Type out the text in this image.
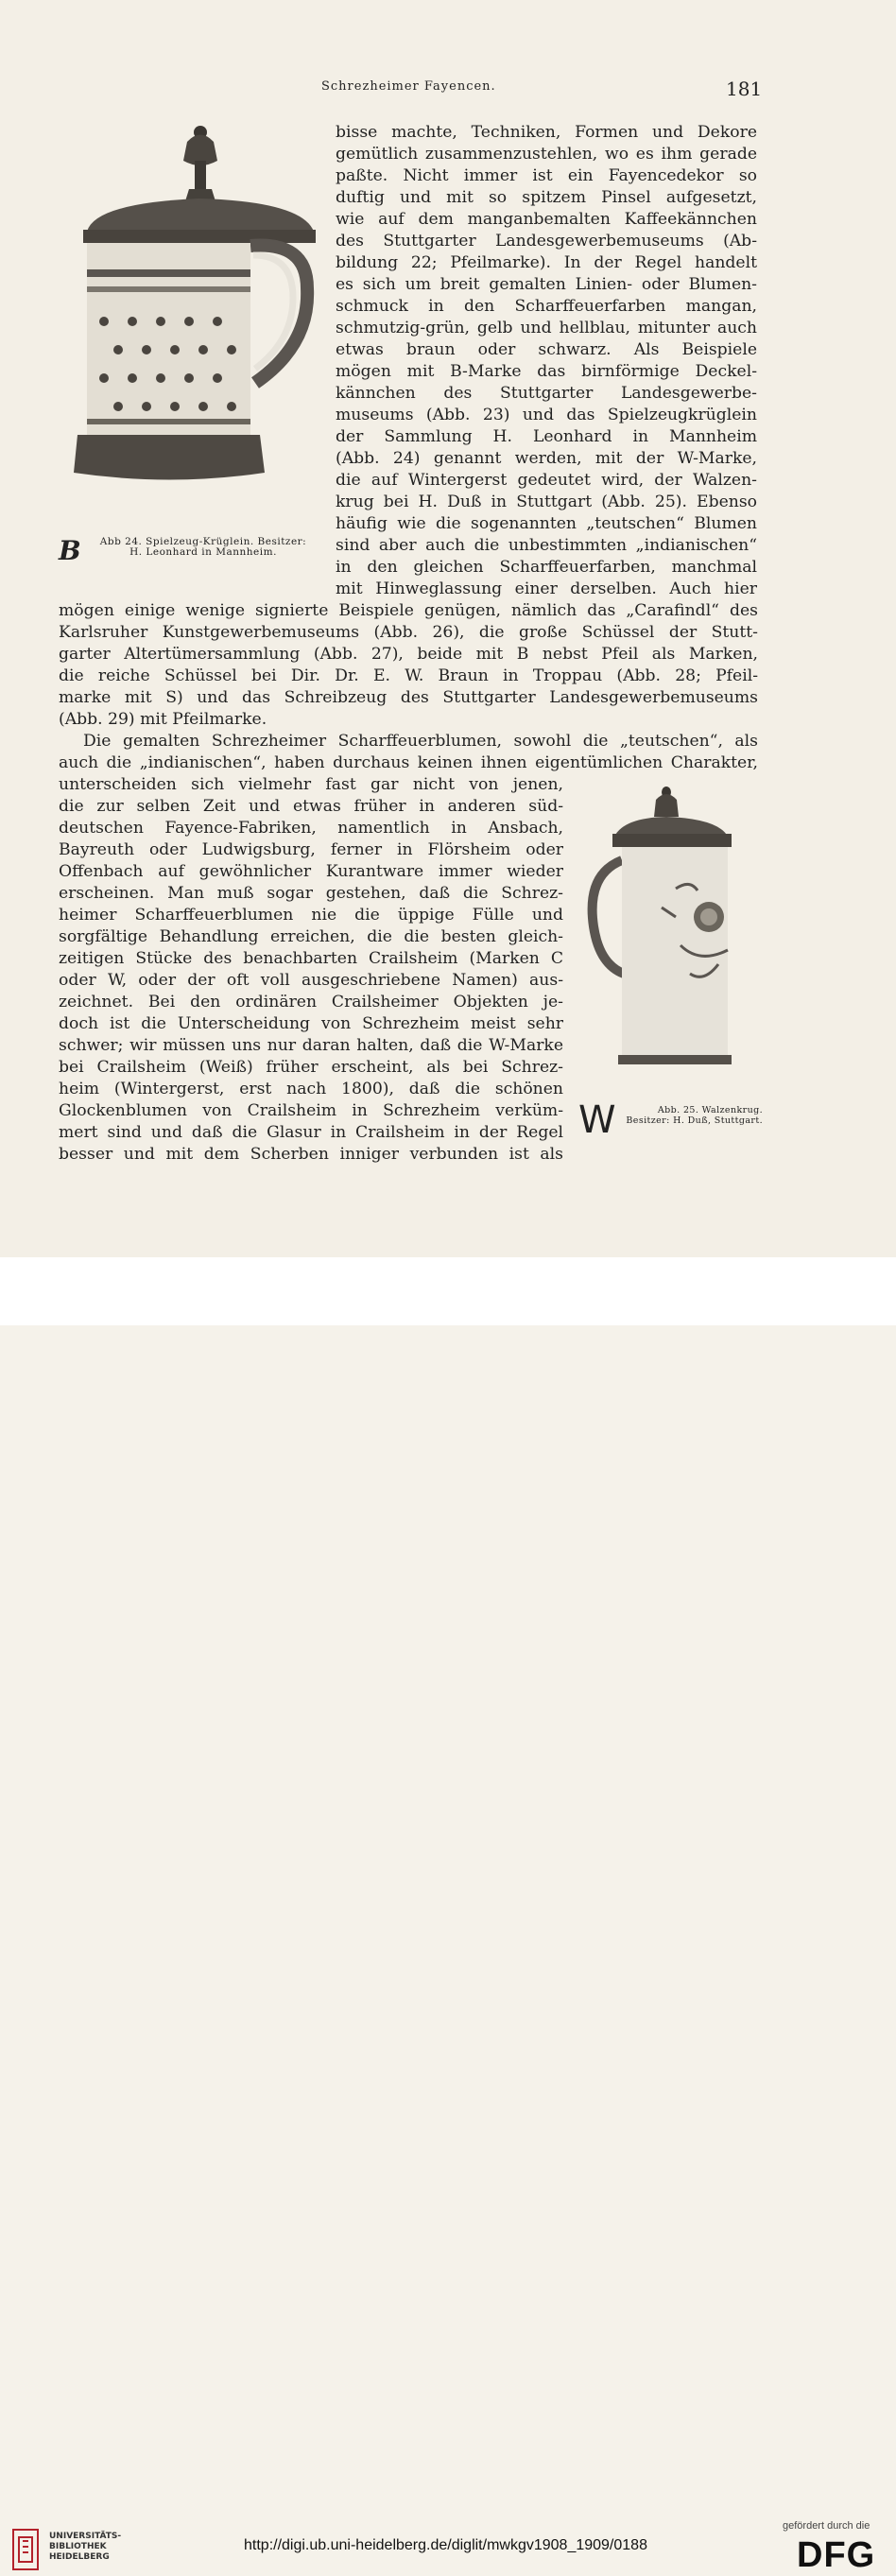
Schrezheimer Fayencen.	181
B	Abb 24. Spielzeug-Krüglein. Besitzer: H. Leonhard in Mannheim.
W	Abb. 25. Walzenkrug. Besitzer: H. Duß, Stuttgart.
bisse machte, Techniken, Formen und Dekore
gemütlich zusammenzustehlen, wo es ihm gerade
paßte. Nicht immer ist ein Fayencedekor so
duftig und mit so spitzem Pinsel aufgesetzt,
wie auf dem manganbemalten Kaffeekännchen
des Stuttgarter Landesgewerbemuseums (Ab-
bildung 22; Pfeilmarke). In der Regel handelt
es sich um breit gemalten Linien- oder Blumen-
schmuck in den Scharffeuerfarben mangan,
schmutzig-grün, gelb und hellblau, mitunter auch
etwas braun oder schwarz. Als Beispiele
mögen mit B-Marke das birnförmige Deckel-
kännchen des Stuttgarter Landesgewerbe-
museums (Abb. 23) und das Spielzeugkrüglein
der Sammlung H. Leonhard in Mannheim
(Abb. 24) genannt werden, mit der W-Marke,
die auf Wintergerst gedeutet wird, der Walzen-
krug bei H. Duß in Stuttgart (Abb. 25). Ebenso
häufig wie die sogenannten „teutschen“ Blumen
sind aber auch die unbestimmten „indianischen“
in den gleichen Scharffeuerfarben, manchmal
mit Hinweglassung einer derselben. Auch hier
mögen einige wenige signierte Beispiele genügen, nämlich das „Carafindl“ des
Karlsruher Kunstgewerbemuseums (Abb. 26), die große Schüssel der Stutt-
garter Altertümersammlung (Abb. 27), beide mit B nebst Pfeil als Marken,
die reiche Schüssel bei Dir. Dr. E. W. Braun in Troppau (Abb. 28; Pfeil-
marke mit S) und das Schreibzeug des Stuttgarter Landesgewerbemuseums
(Abb. 29) mit Pfeilmarke.
Die gemalten Schrezheimer Scharffeuerblumen, sowohl die „teutschen“, als
auch die „indianischen“, haben durchaus keinen ihnen eigentümlichen Charakter,
unterscheiden sich vielmehr fast gar nicht von jenen,
die zur selben Zeit und etwas früher in anderen süd-
deutschen Fayence-Fabriken, namentlich in Ansbach,
Bayreuth oder Ludwigsburg, ferner in Flörsheim oder
Offenbach auf gewöhnlicher Kurantware immer wieder
erscheinen. Man muß sogar gestehen, daß die Schrez-
heimer Scharffeuerblumen nie die üppige Fülle und
sorgfältige Behandlung erreichen, die die besten gleich-
zeitigen Stücke des benachbarten Crailsheim (Marken C
oder W, oder der oft voll ausgeschriebene Namen) aus-
zeichnet. Bei den ordinären Crailsheimer Objekten je-
doch ist die Unterscheidung von Schrezheim meist sehr
schwer; wir müssen uns nur daran halten, daß die W-Marke
bei Crailsheim (Weiß) früher erscheint, als bei Schrez-
heim (Wintergerst, erst nach 1800), daß die schönen
Glockenblumen von Crailsheim in Schrezheim verküm-
mert sind und daß die Glasur in Crailsheim in der Regel
besser und mit dem Scherben inniger verbunden ist als
UNIVERSITÄTS-
BIBLIOTHEK
HEIDELBERG
http://digi.ub.uni-heidelberg.de/diglit/mwkgv1908_1909/0188
gefördert durch die
DFG
